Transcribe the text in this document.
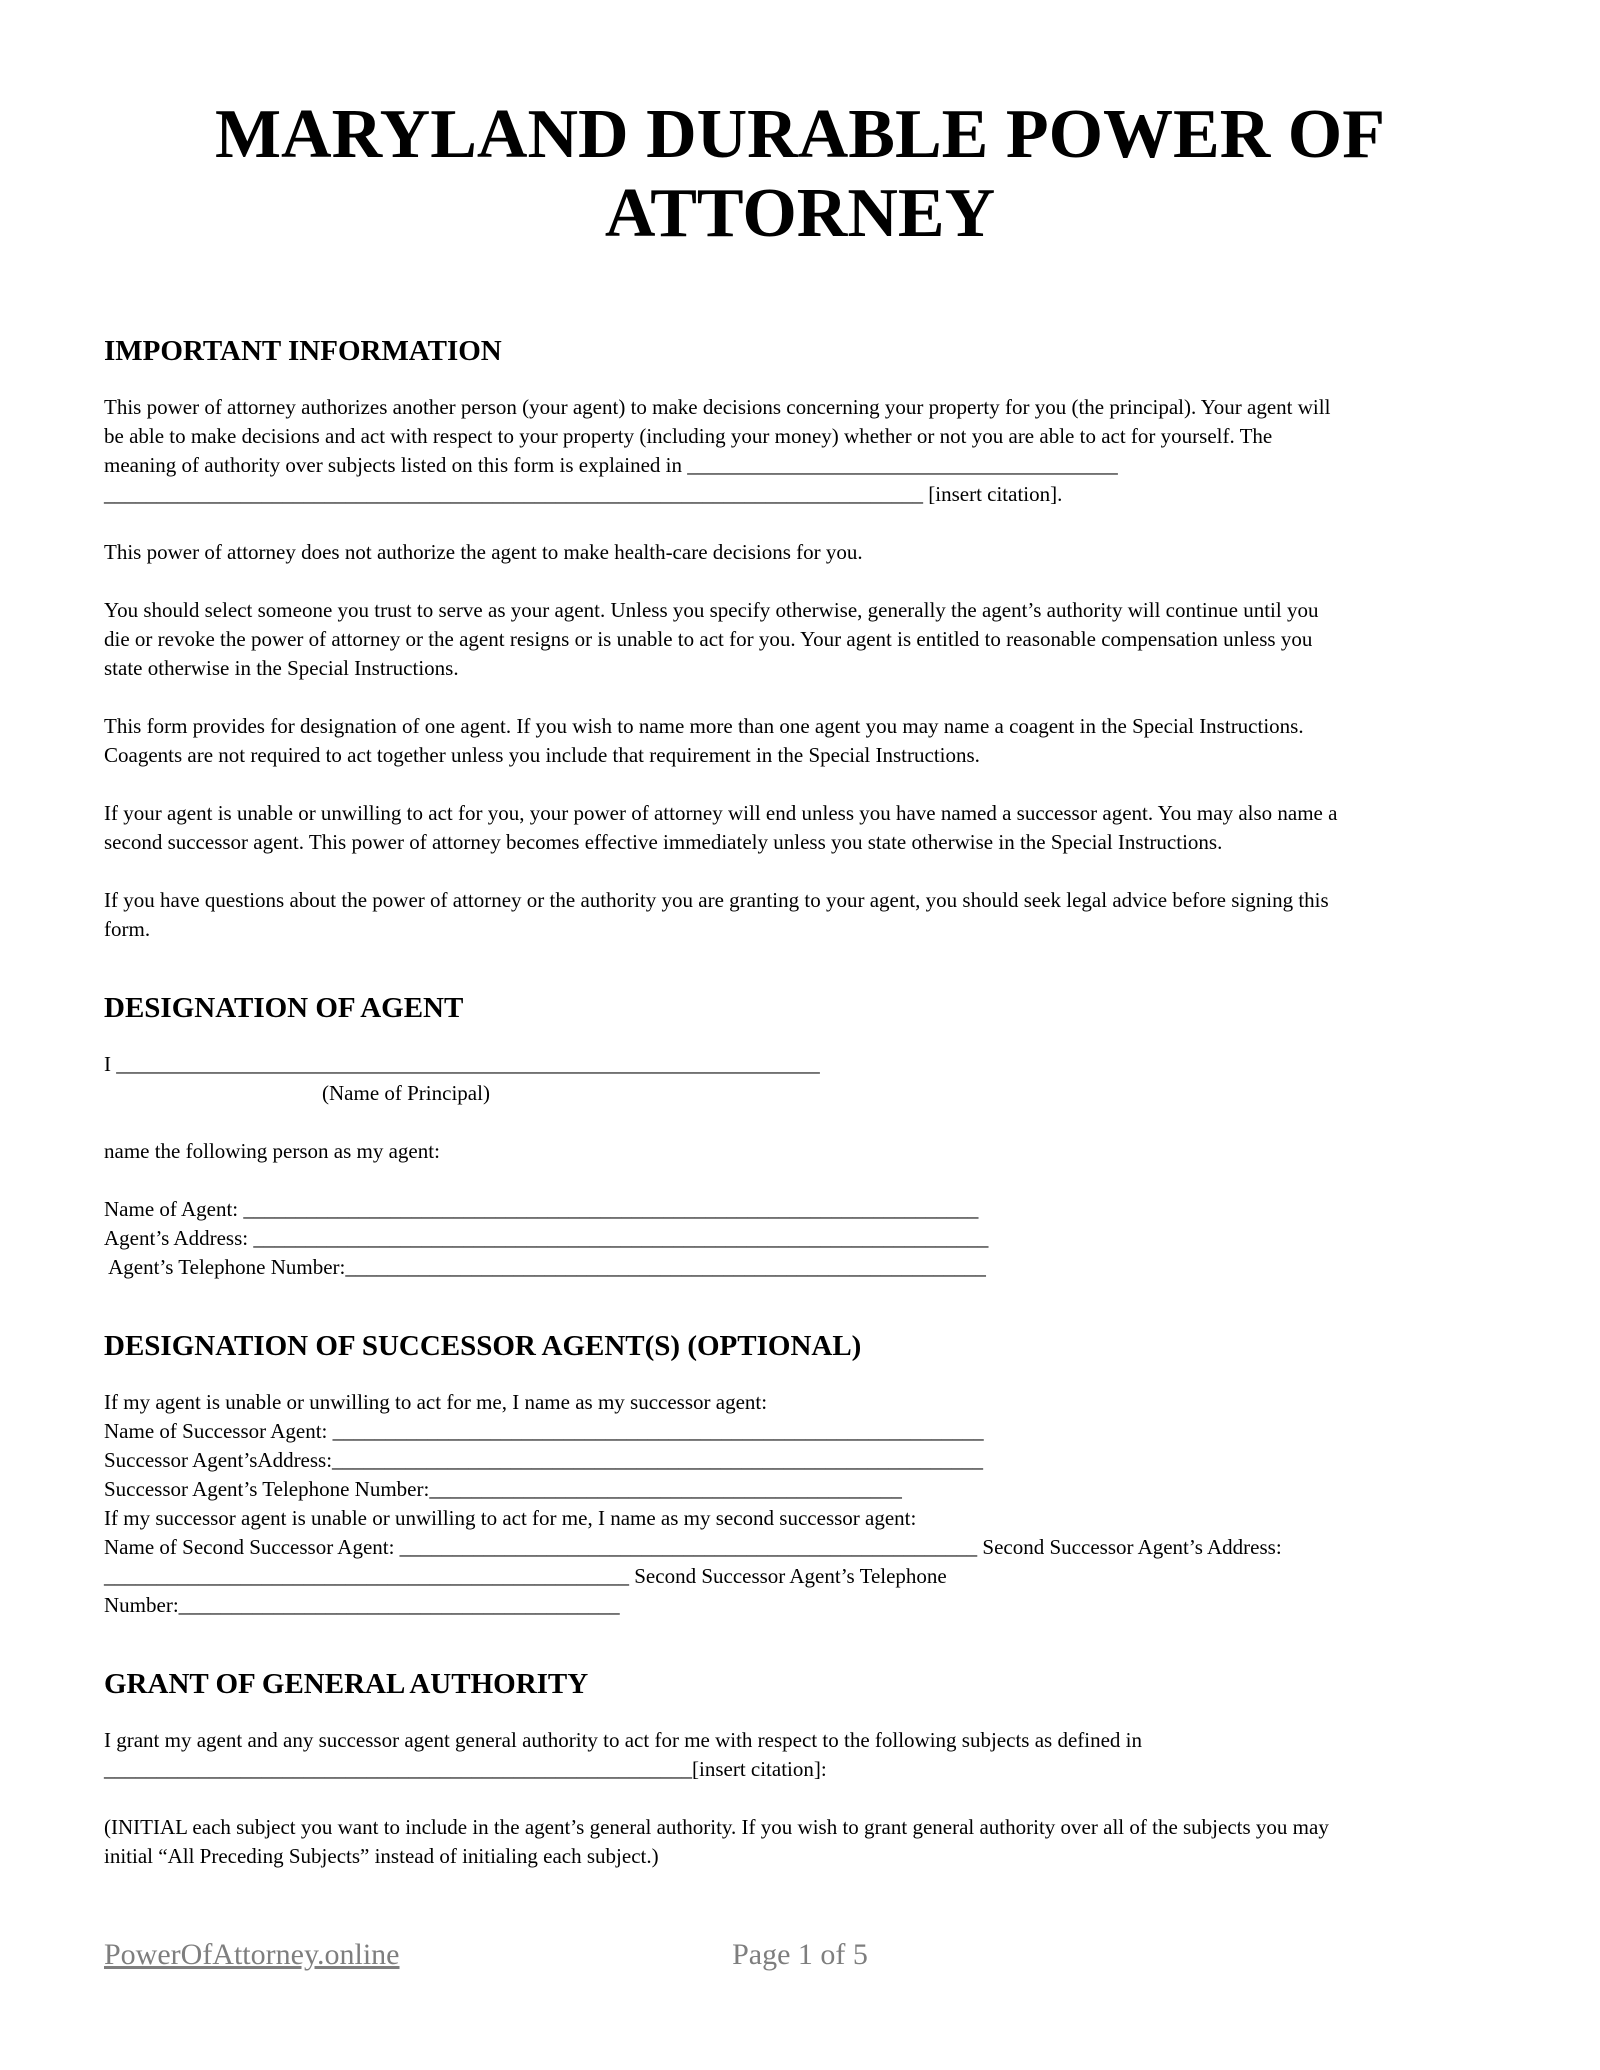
MARYLAND DURABLE POWER OF
ATTORNEY
IMPORTANT INFORMATION
This power of attorney authorizes another person (your agent) to make decisions concerning your property for you (the principal). Your agent will
be able to make decisions and act with respect to your property (including your money) whether or not you are able to act for yourself. The
meaning of authority over subjects listed on this form is explained in _________________________________________
______________________________________________________________________________ [insert citation].
This power of attorney does not authorize the agent to make health-care decisions for you.
You should select someone you trust to serve as your agent. Unless you specify otherwise, generally the agent’s authority will continue until you
die or revoke the power of attorney or the agent resigns or is unable to act for you. Your agent is entitled to reasonable compensation unless you
state otherwise in the Special Instructions.
This form provides for designation of one agent. If you wish to name more than one agent you may name a coagent in the Special Instructions.
Coagents are not required to act together unless you include that requirement in the Special Instructions.
If your agent is unable or unwilling to act for you, your power of attorney will end unless you have named a successor agent. You may also name a
second successor agent. This power of attorney becomes effective immediately unless you state otherwise in the Special Instructions.
If you have questions about the power of attorney or the authority you are granting to your agent, you should seek legal advice before signing this
form.
DESIGNATION OF AGENT
I ___________________________________________________________________
(Name of Principal)
name the following person as my agent:
Name of Agent: ______________________________________________________________________
Agent’s Address: ______________________________________________________________________
Agent’s Telephone Number:_____________________________________________________________
DESIGNATION OF SUCCESSOR AGENT(S) (OPTIONAL)
If my agent is unable or unwilling to act for me, I name as my successor agent:
Name of Successor Agent: ______________________________________________________________
Successor Agent’sAddress:______________________________________________________________
Successor Agent’s Telephone Number:_____________________________________________
If my successor agent is unable or unwilling to act for me, I name as my second successor agent:
Name of Second Successor Agent: _______________________________________________________ Second Successor Agent’s Address:
__________________________________________________ Second Successor Agent’s Telephone
Number:__________________________________________
GRANT OF GENERAL AUTHORITY
I grant my agent and any successor agent general authority to act for me with respect to the following subjects as defined in
________________________________________________________[insert citation]:
(INITIAL each subject you want to include in the agent’s general authority. If you wish to grant general authority over all of the subjects you may
initial “All Preceding Subjects” instead of initialing each subject.)
PowerOfAttorney.online	Page 1 of 5
